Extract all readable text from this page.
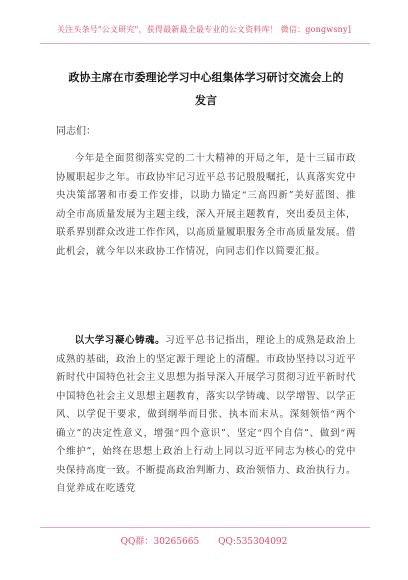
关注头条号"公文研究"，获得最新最全最专业的公文资料库！ 微信：gongwsny]
政协主席在市委理论学习中心组集体学习研讨交流会上的
发言
同志们：

今年是全面贯彻落实党的二十大精神的开局之年，是十三届市政协履职起步之年。市政协牢记习近平总书记殷殷嘱托，认真落实党中央决策部署和市委工作安排，以助力锚定“三高四新”美好蓝图、推动全市高质量发展为主题主线，深入开展主题教育，突出委员主体，联系界别群众改进工作作风，以高质量履职服务全市高质量发展。借此机会，就今年以来政协工作情况，向同志们作以简要汇报。

以大学习凝心铸魂。习近平总书记指出，理论上的成熟是政治上成熟的基础，政治上的坚定源于理论上的清醒。市政协坚持以习近平新时代中国特色社会主义思想为指导深入开展学习贯彻习近平新时代中国特色社会主义思想主题教育，落实以学铸魂、以学增智、以学正风、以学促干要求，做到纲举而目张、执本而末从。深刻领悟“两个确立”的决定性意义，增强“四个意识”、坚定“四个自信”、做到“两个维护”，始终在思想上政治上行动上同以习近平同志为核心的党中央保持高度一致。不断提高政治判断力、政治领悟力、政治执行力。自觉养成在吃透党

QQ群：30265665 QQ:535304092
